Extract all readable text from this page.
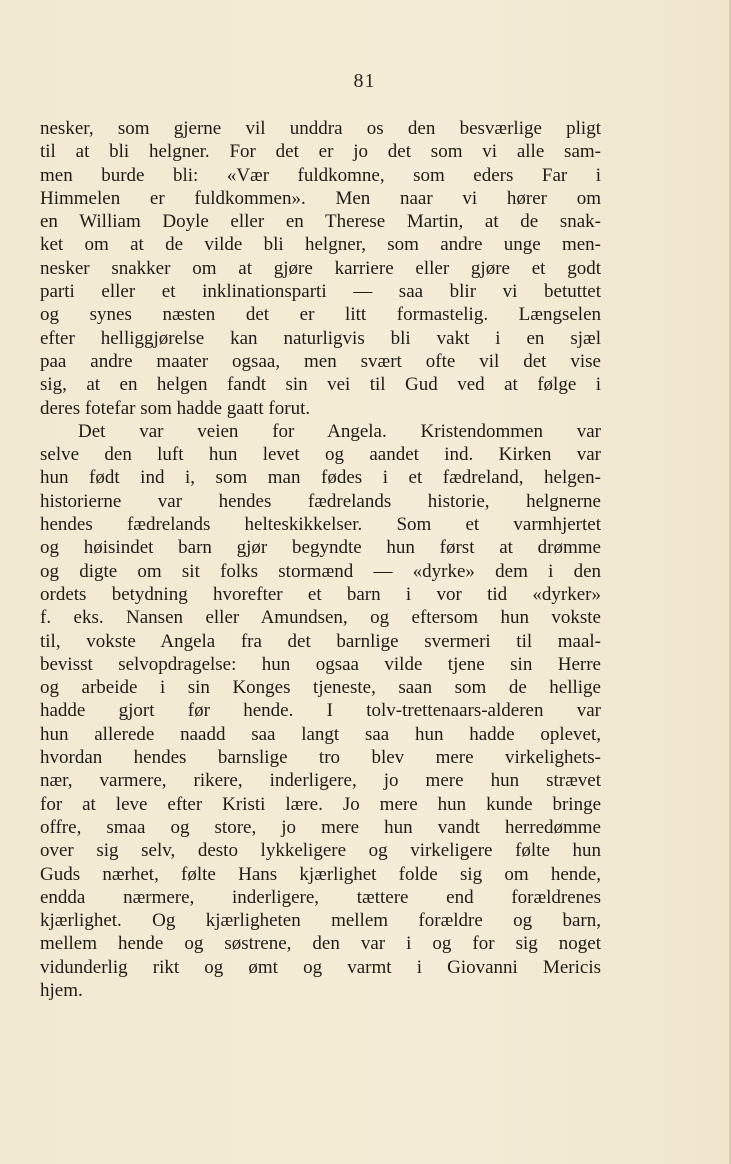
81
nesker, som gjerne vil unddra os den besværlige pligt
til at bli helgner. For det er jo det som vi alle sam-
men burde bli: «Vær fuldkomne, som eders Far i
Himmelen er fuldkommen». Men naar vi hører om
en William Doyle eller en Therese Martin, at de snak-
ket om at de vilde bli helgner, som andre unge men-
nesker snakker om at gjøre karriere eller gjøre et godt
parti eller et inklinationsparti — saa blir vi betuttet
og synes næsten det er litt formastelig. Længselen
efter helliggjørelse kan naturligvis bli vakt i en sjæl
paa andre maater ogsaa, men svært ofte vil det vise
sig, at en helgen fandt sin vei til Gud ved at følge i
deres fotefar som hadde gaatt forut.
Det var veien for Angela. Kristendommen var
selve den luft hun levet og aandet ind. Kirken var
hun født ind i, som man fødes i et fædreland, helgen-
historierne var hendes fædrelands historie, helgnerne
hendes fædrelands helteskikkelser. Som et varmhjertet
og høisindet barn gjør begyndte hun først at drømme
og digte om sit folks stormænd — «dyrke» dem i den
ordets betydning hvorefter et barn i vor tid «dyrker»
f. eks. Nansen eller Amundsen, og eftersom hun vokste
til, vokste Angela fra det barnlige svermeri til maal-
bevisst selvopdragelse: hun ogsaa vilde tjene sin Herre
og arbeide i sin Konges tjeneste, saan som de hellige
hadde gjort før hende. I tolv-trettenaars-alderen var
hun allerede naadd saa langt saa hun hadde oplevet,
hvordan hendes barnslige tro blev mere virkelighets-
nær, varmere, rikere, inderligere, jo mere hun strævet
for at leve efter Kristi lære. Jo mere hun kunde bringe
offre, smaa og store, jo mere hun vandt herredømme
over sig selv, desto lykkeligere og virkeligere følte hun
Guds nærhet, følte Hans kjærlighet folde sig om hende,
endda nærmere, inderligere, tættere end forældrenes
kjærlighet. Og kjærligheten mellem forældre og barn,
mellem hende og søstrene, den var i og for sig noget
vidunderlig rikt og ømt og varmt i Giovanni Mericis
hjem.
